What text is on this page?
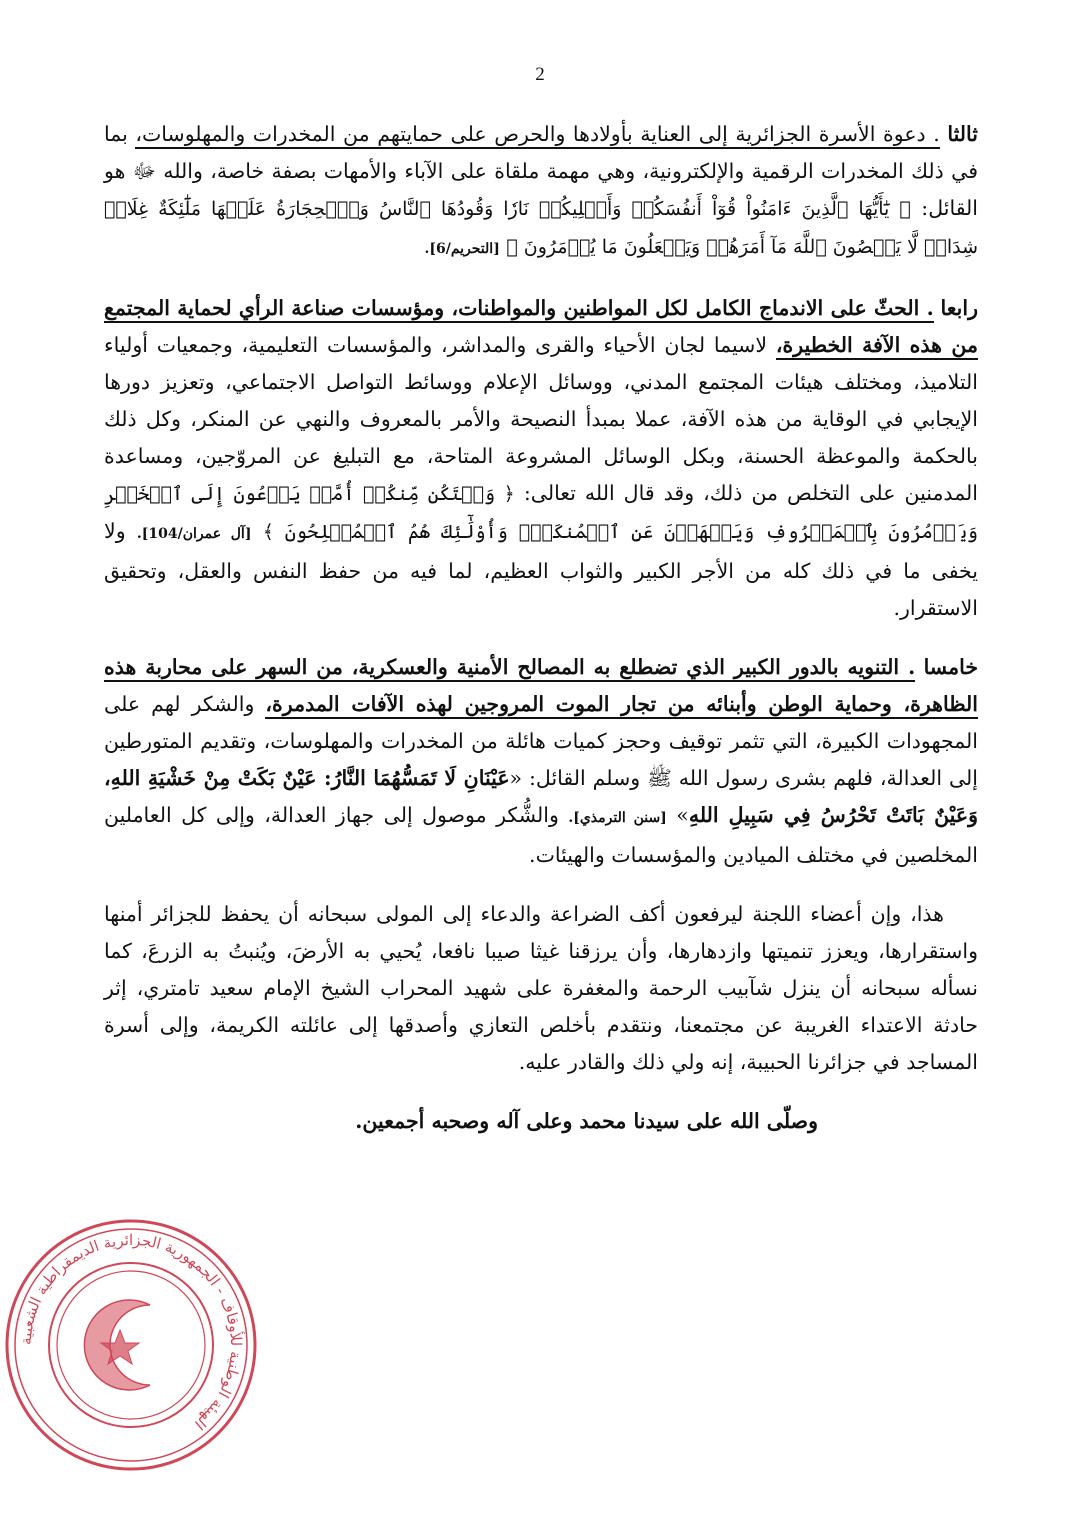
2

ثالثا . دعوة الأسرة الجزائرية إلى العناية بأولادها والحرص على حمايتهم من المخدرات والمهلوسات، بما في ذلك المخدرات الرقمية والإلكترونية، وهي مهمة ملقاة على الآباء والأمهات بصفة خاصة، والله ﷻ هو القائل: ﴿ يَٰٓأَيُّهَا ٱلَّذِينَ ءَامَنُواْ قُوٓاْ أَنفُسَكُمۡ وَأَهۡلِيكُمۡ نَارٗا وَقُودُهَا ٱلنَّاسُ وَٱلۡحِجَارَةُ عَلَيۡهَا مَلَٰٓئِكَةٌ غِلَاظٞ شِدَادٞ لَّا يَعۡصُونَ ٱللَّهَ مَآ أَمَرَهُمۡ وَيَفۡعَلُونَ مَا يُؤۡمَرُونَ ﴾ [التحريم/6].

رابعا . الحثّ على الاندماج الكامل لكل المواطنين والمواطنات، ومؤسسات صناعة الرأي لحماية المجتمع من هذه الآفة الخطيرة، لاسيما لجان الأحياء والقرى والمداشر، والمؤسسات التعليمية، وجمعيات أولياء التلاميذ، ومختلف هيئات المجتمع المدني، ووسائل الإعلام ووسائط التواصل الاجتماعي، وتعزيز دورها الإيجابي في الوقاية من هذه الآفة، عملا بمبدأ النصيحة والأمر بالمعروف والنهي عن المنكر، وكل ذلك بالحكمة والموعظة الحسنة، وبكل الوسائل المشروعة المتاحة، مع التبليغ عن المروّجين، ومساعدة المدمنين على التخلص من ذلك، وقد قال الله تعالى: ﴿ وَلۡتَكُن مِّنكُمۡ أُمَّةٞ يَدۡعُونَ إِلَى ٱلۡخَيۡرِ وَيَأۡمُرُونَ بِٱلۡمَعۡرُوفِ وَيَنۡهَوۡنَ عَنِ ٱلۡمُنكَرِۚ وَأُوْلَٰٓئِكَ هُمُ ٱلۡمُفۡلِحُونَ ﴾ [آل عمران/104]. ولا يخفى ما في ذلك كله من الأجر الكبير والثواب العظيم، لما فيه من حفظ النفس والعقل، وتحقيق الاستقرار.

خامسا . التنويه بالدور الكبير الذي تضطلع به المصالح الأمنية والعسكرية، من السهر على محاربة هذه الظاهرة، وحماية الوطن وأبنائه من تجار الموت المروجين لهذه الآفات المدمرة، والشكر لهم على المجهودات الكبيرة، التي تثمر توقيف وحجز كميات هائلة من المخدرات والمهلوسات، وتقديم المتورطين إلى العدالة، فلهم بشرى رسول الله ﷺ وسلم القائل: «عَيْنَانِ لَا تَمَسُّهُمَا النَّارُ: عَيْنٌ بَكَتْ مِنْ خَشْيَةِ اللهِ، وَعَيْنٌ بَاتَتْ تَحْرُسُ فِي سَبِيلِ اللهِ» [سنن الترمذي]. والشُّكر موصول إلى جهاز العدالة، وإلى كل العاملين المخلصين في مختلف الميادين والمؤسسات والهيئات.

هذا، وإن أعضاء اللجنة ليرفعون أكف الضراعة والدعاء إلى المولى سبحانه أن يحفظ للجزائر أمنها واستقرارها، ويعزز تنميتها وازدهارها، وأن يرزقنا غيثا صيبا نافعا، يُحيي به الأرضَ، ويُنبتُ به الزرعَ، كما نسأله سبحانه أن ينزل شآبيب الرحمة والمغفرة على شهيد المحراب الشيخ الإمام سعيد تامتري، إثر حادثة الاعتداء الغريبة عن مجتمعنا، ونتقدم بأخلص التعازي وأصدقها إلى عائلته الكريمة، وإلى أسرة المساجد في جزائرنا الحبيبة، إنه ولي ذلك والقادر عليه.

وصلّى الله على سيدنا محمد وعلى آله وصحبه أجمعين.

الهيئة الوطنية للأوقاف - الجمهورية الجزائرية الديمقراطية الشعبية
